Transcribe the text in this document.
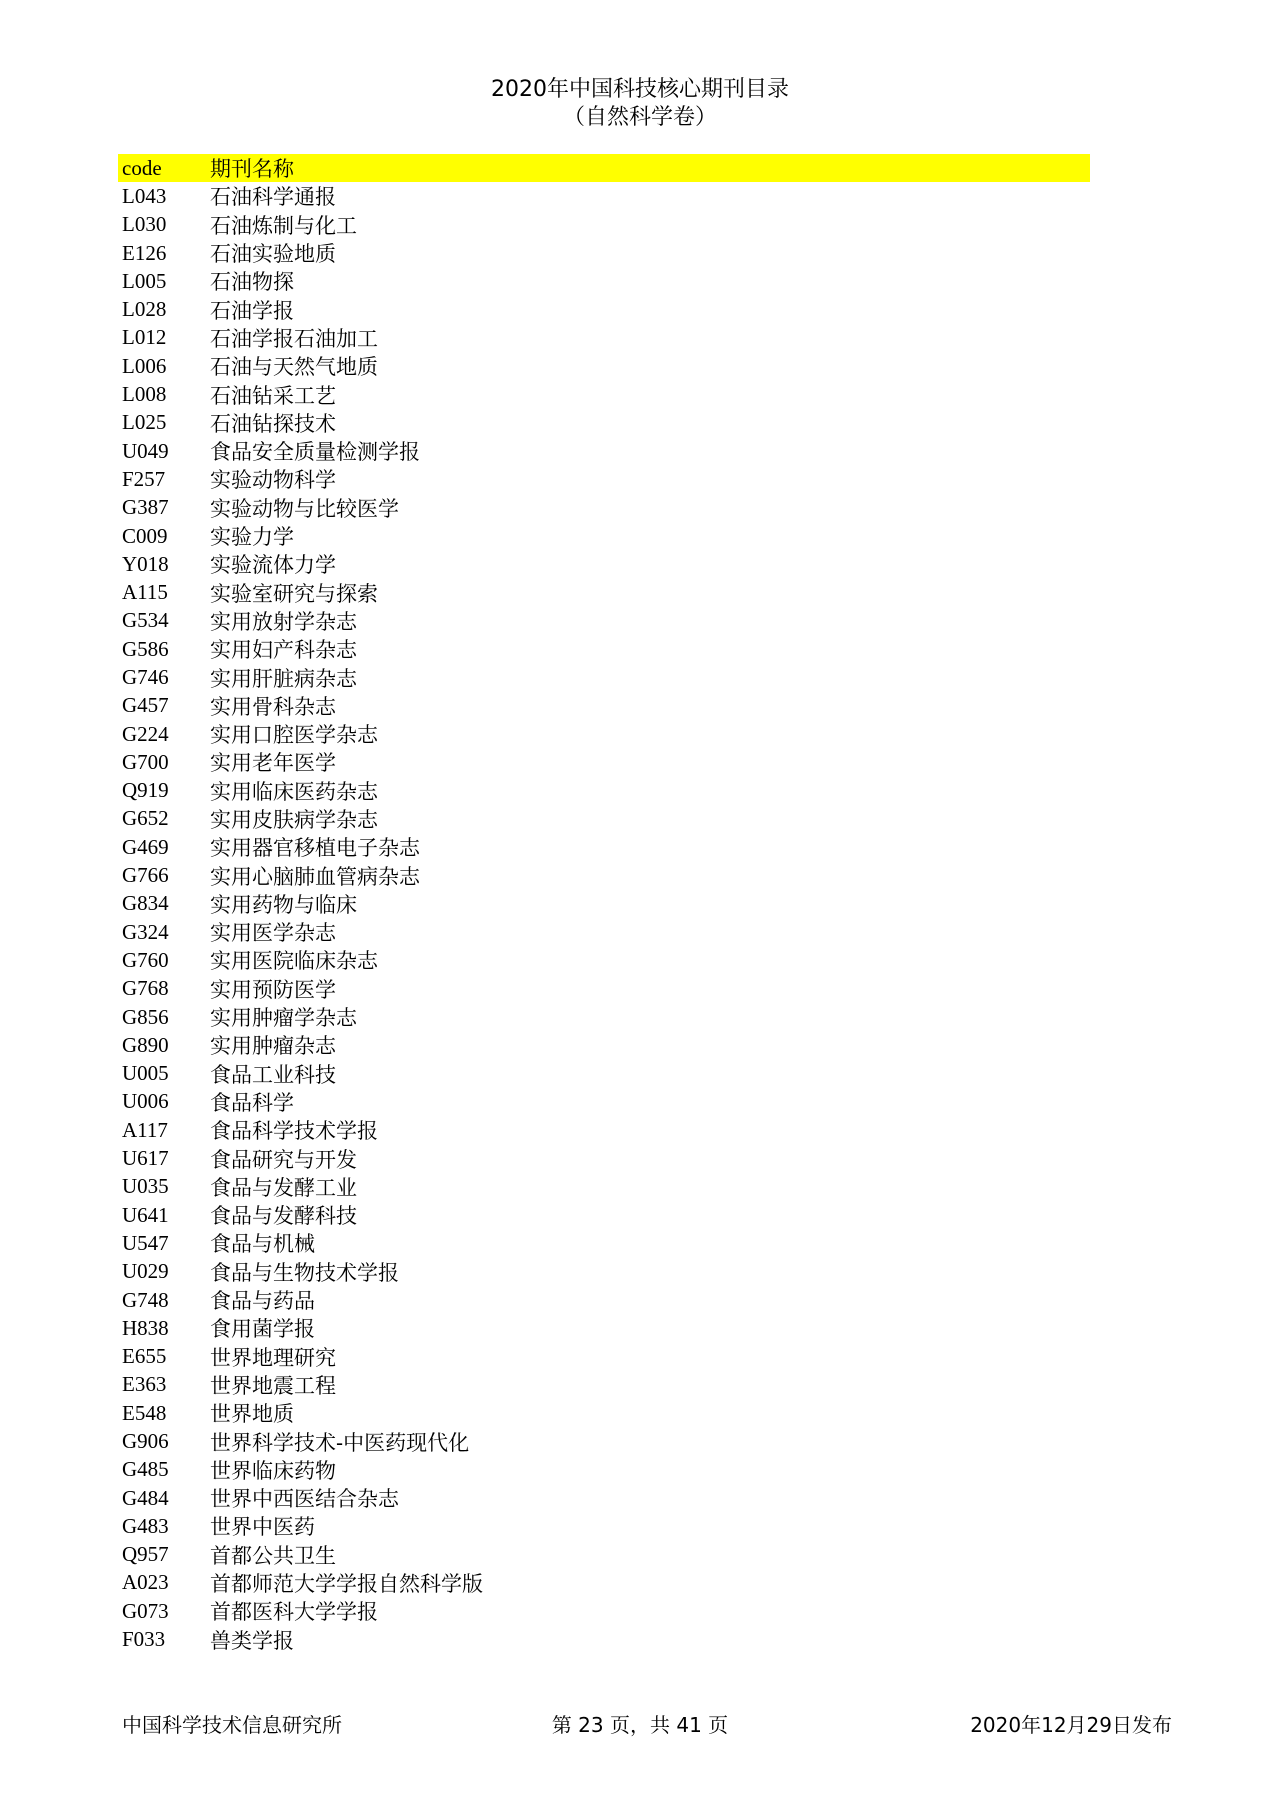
2020年中国科技核心期刊目录
（自然科学卷）
code	期刊名称
L043	石油科学通报
L030	石油炼制与化工
E126	石油实验地质
L005	石油物探
L028	石油学报
L012	石油学报石油加工
L006	石油与天然气地质
L008	石油钻采工艺
L025	石油钻探技术
U049	食品安全质量检测学报
F257	实验动物科学
G387	实验动物与比较医学
C009	实验力学
Y018	实验流体力学
A115	实验室研究与探索
G534	实用放射学杂志
G586	实用妇产科杂志
G746	实用肝脏病杂志
G457	实用骨科杂志
G224	实用口腔医学杂志
G700	实用老年医学
Q919	实用临床医药杂志
G652	实用皮肤病学杂志
G469	实用器官移植电子杂志
G766	实用心脑肺血管病杂志
G834	实用药物与临床
G324	实用医学杂志
G760	实用医院临床杂志
G768	实用预防医学
G856	实用肿瘤学杂志
G890	实用肿瘤杂志
U005	食品工业科技
U006	食品科学
A117	食品科学技术学报
U617	食品研究与开发
U035	食品与发酵工业
U641	食品与发酵科技
U547	食品与机械
U029	食品与生物技术学报
G748	食品与药品
H838	食用菌学报
E655	世界地理研究
E363	世界地震工程
E548	世界地质
G906	世界科学技术-中医药现代化
G485	世界临床药物
G484	世界中西医结合杂志
G483	世界中医药
Q957	首都公共卫生
A023	首都师范大学学报自然科学版
G073	首都医科大学学报
F033	兽类学报
中国科学技术信息研究所	第 23 页，共 41 页	2020年12月29日发布
